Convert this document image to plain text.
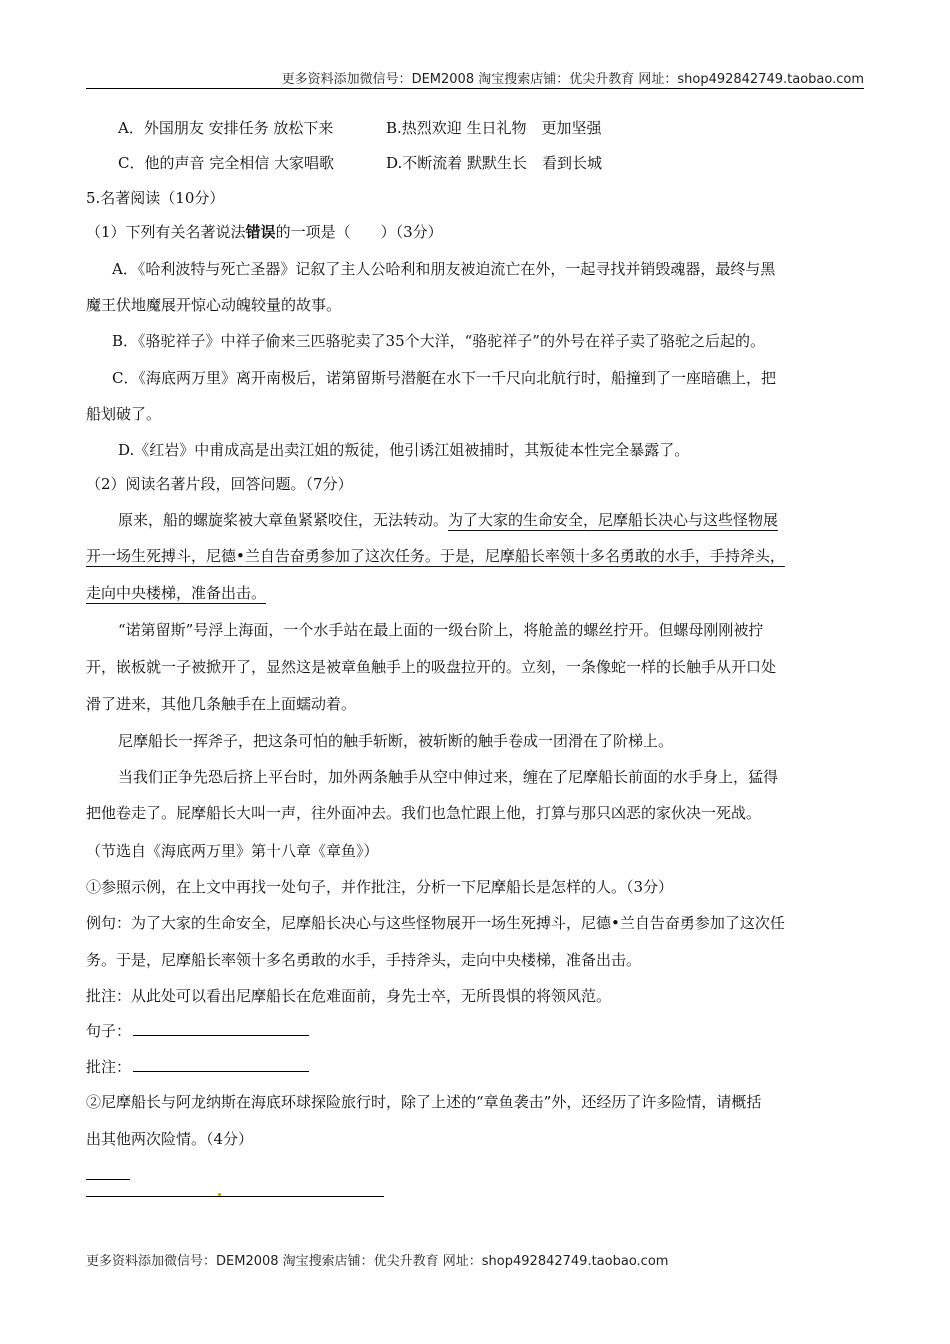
更多资料添加微信号：DEM2008 淘宝搜索店铺：优尖升教育 网址：shop492842749.taobao.com
A．外国朋友 安排任务 放松下来	B.热烈欢迎 生日礼物　更加坚强
C．他的声音 完全相信 大家唱歌	D.不断流着 默默生长　看到长城
5.名著阅读（10分）
（1）下列有关名著说法错误的一项是（　　）（3分）
A．《哈利波特与死亡圣器》记叙了主人公哈利和朋友被迫流亡在外，一起寻找并销毁魂器，最终与黑
魔王伏地魔展开惊心动魄较量的故事。
B．《骆驼祥子》中祥子偷来三匹骆驼卖了35个大洋，“骆驼祥子”的外号在祥子卖了骆驼之后起的。
C．《海底两万里》离开南极后，诺第留斯号潜艇在水下一千尺向北航行时，船撞到了一座暗礁上，把
船划破了。
D.《红岩》中甫成高是出卖江姐的叛徒，他引诱江姐被捕时，其叛徒本性完全暴露了。
（2）阅读名著片段，回答问题。（7分）
原来，船的螺旋桨被大章鱼紧紧咬住，无法转动。为了大家的生命安全，尼摩船长决心与这些怪物展
开一场生死搏斗，尼德•兰自告奋勇参加了这次任务。于是，尼摩船长率领十多名勇敢的水手，手持斧头，
走向中央楼梯，准备出击。
“诺第留斯”号浮上海面，一个水手站在最上面的一级台阶上，将舱盖的螺丝拧开。但螺母刚刚被拧
开，嵌板就一子被掀开了，显然这是被章鱼触手上的吸盘拉开的。立刻，一条像蛇一样的长触手从开口处
滑了进来，其他几条触手在上面蠕动着。
尼摩船长一挥斧子，把这条可怕的触手斩断，被斩断的触手卷成一团滑在了阶梯上。
当我们正争先恐后挤上平台时，加外两条触手从空中伸过来，缠在了尼摩船长前面的水手身上，猛得
把他卷走了。屁摩船长大叫一声，往外面冲去。我们也急忙跟上他，打算与那只凶恶的家伙决一死战。
（节选自《海底两万里》第十八章《章鱼》）
①参照示例，在上文中再找一处句子，并作批注，分析一下尼摩船长是怎样的人。（3分）
例句：为了大家的生命安全，尼摩船长决心与这些怪物展开一场生死搏斗，尼德•兰自告奋勇参加了这次任
务。于是，尼摩船长率领十多名勇敢的水手，手持斧头，走向中央楼梯，准备出击。
批注：从此处可以看出尼摩船长在危难面前，身先士卒，无所畏惧的将领风范。
句子：
批注：
②尼摩船长与阿龙纳斯在海底环球探险旅行时，除了上述的“章鱼袭击”外，还经历了许多险情，请概括
出其他两次险情。（4分）
更多资料添加微信号：DEM2008 淘宝搜索店铺：优尖升教育 网址：shop492842749.taobao.com
